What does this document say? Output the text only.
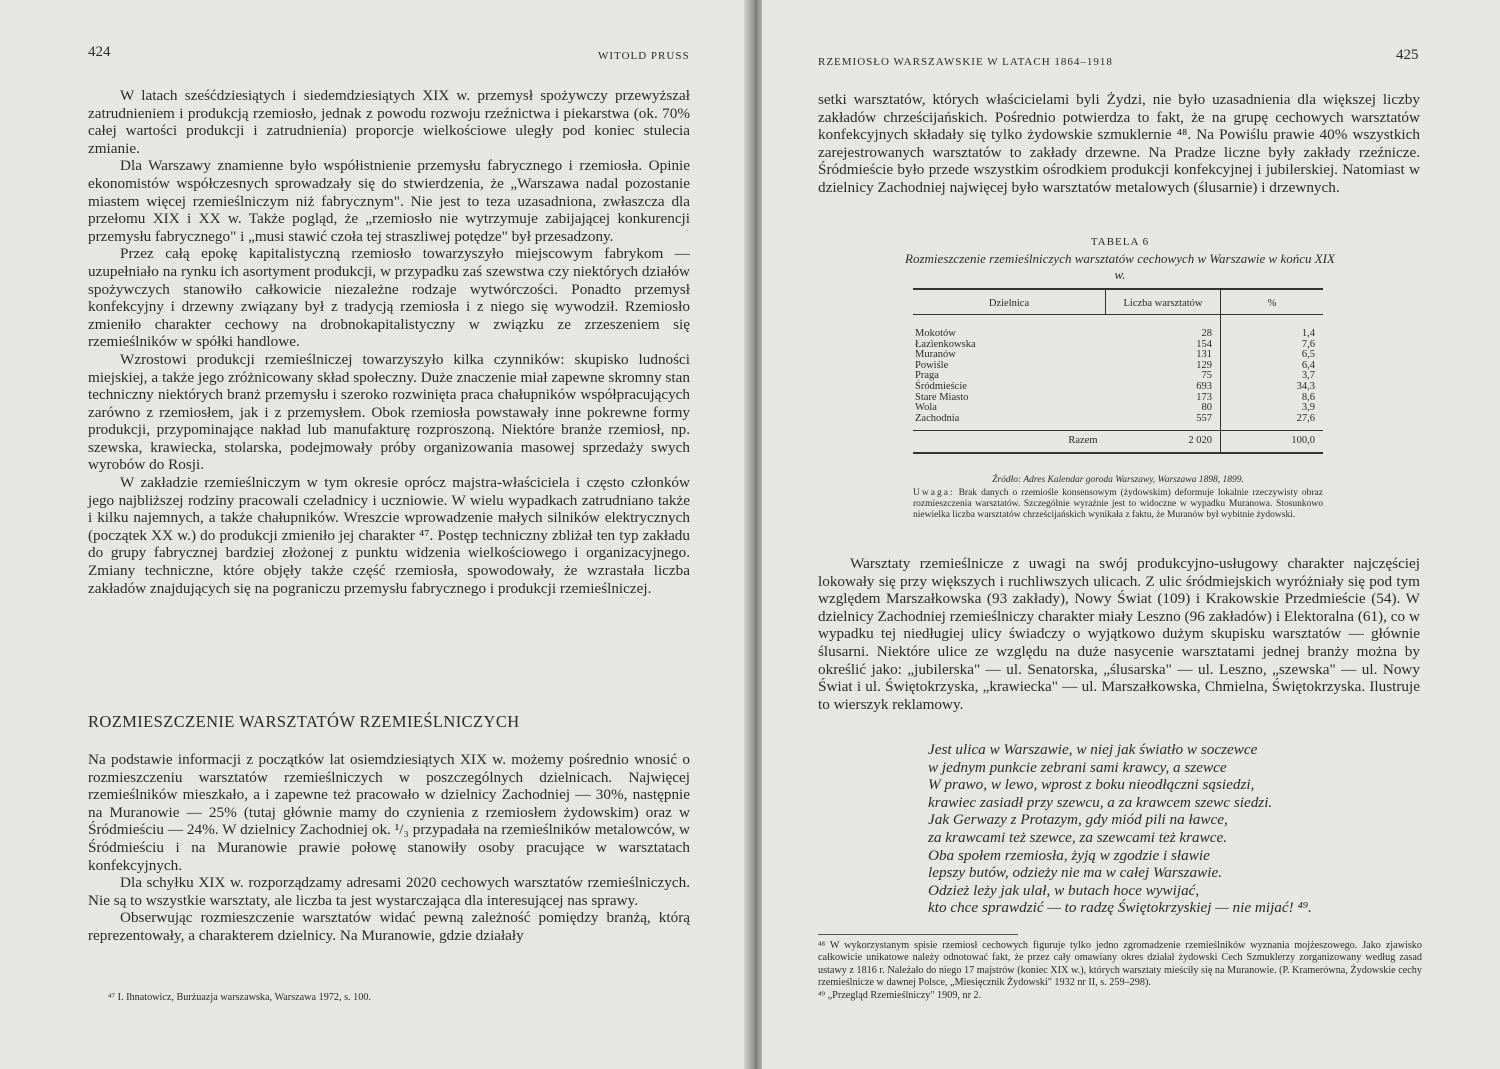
424	WITOLD PRUSS

W latach sześćdziesiątych i siedemdziesiątych XIX w. przemysł spożywczy przewyższał zatrudnieniem i produkcją rzemiosło, jednak z powodu rozwoju rzeźnictwa i piekarstwa (ok. 70% całej wartości produkcji i zatrudnienia) proporcje wielkościowe uległy pod koniec stulecia zmianie.

Dla Warszawy znamienne było współistnienie przemysłu fabrycznego i rzemiosła. Opinie ekonomistów współczesnych sprowadzały się do stwierdzenia, że „Warszawa nadal pozostanie miastem więcej rzemieślniczym niż fabrycznym". Nie jest to teza uzasadniona, zwłaszcza dla przełomu XIX i XX w. Także pogląd, że „rzemiosło nie wytrzymuje zabijającej konkurencji przemysłu fabrycznego" i „musi stawić czoła tej straszliwej potędze" był przesadzony.

Przez całą epokę kapitalistyczną rzemiosło towarzyszyło miejscowym fabrykom — uzupełniało na rynku ich asortyment produkcji, w przypadku zaś szewstwa czy niektórych działów spożywczych stanowiło całkowicie niezależne rodzaje wytwórczości. Ponadto przemysł konfekcyjny i drzewny związany był z tradycją rzemiosła i z niego się wywodził. Rzemiosło zmieniło charakter cechowy na drobnokapitalistyczny w związku ze zrzeszeniem się rzemieślników w spółki handlowe.

Wzrostowi produkcji rzemieślniczej towarzyszyło kilka czynników: skupisko ludności miejskiej, a także jego zróżnicowany skład społeczny. Duże znaczenie miał zapewne skromny stan techniczny niektórych branż przemysłu i szeroko rozwinięta praca chałupników współpracujących zarówno z rzemiosłem, jak i z przemysłem. Obok rzemiosła powstawały inne pokrewne formy produkcji, przypominające nakład lub manufakturę rozproszoną. Niektóre branże rzemiosł, np. szewska, krawiecka, stolarska, podejmowały próby organizowania masowej sprzedaży swych wyrobów do Rosji.

W zakładzie rzemieślniczym w tym okresie oprócz majstra-właściciela i często członków jego najbliższej rodziny pracowali czeladnicy i uczniowie. W wielu wypadkach zatrudniano także i kilku najemnych, a także chałupników. Wreszcie wprowadzenie małych silników elektrycznych (początek XX w.) do produkcji zmieniło jej charakter ⁴⁷. Postęp techniczny zbliżał ten typ zakładu do grupy fabrycznej bardziej złożonej z punktu widzenia wielkościowego i organizacyjnego. Zmiany techniczne, które objęły także część rzemiosła, spowodowały, że wzrastała liczba zakładów znajdujących się na pograniczu przemysłu fabrycznego i produkcji rzemieślniczej.

ROZMIESZCZENIE WARSZTATÓW RZEMIEŚLNICZYCH

Na podstawie informacji z początków lat osiemdziesiątych XIX w. możemy pośrednio wnosić o rozmieszczeniu warsztatów rzemieślniczych w poszczególnych dzielnicach. Najwięcej rzemieślników mieszkało, a i zapewne też pracowało w dzielnicy Zachodniej — 30%, następnie na Muranowie — 25% (tutaj głównie mamy do czynienia z rzemiosłem żydowskim) oraz w Śródmieściu — 24%. W dzielnicy Zachodniej ok. ¹/₃ przypadała na rzemieślników metalowców, w Śródmieściu i na Muranowie prawie połowę stanowiły osoby pracujące w warsztatach konfekcyjnych.

Dla schyłku XIX w. rozporządzamy adresami 2020 cechowych warsztatów rzemieślniczych. Nie są to wszystkie warsztaty, ale liczba ta jest wystarczająca dla interesującej nas sprawy.

Obserwując rozmieszczenie warsztatów widać pewną zależność pomiędzy branżą, którą reprezentowały, a charakterem dzielnicy. Na Muranowie, gdzie działały

⁴⁷ I. Ihnatowicz, Burżuazja warszawska, Warszawa 1972, s. 100.
RZEMIOSŁO WARSZAWSKIE W LATACH 1864–1918	425

setki warsztatów, których właścicielami byli Żydzi, nie było uzasadnienia dla większej liczby zakładów chrześcijańskich. Pośrednio potwierdza to fakt, że na grupę cechowych warsztatów konfekcyjnych składały się tylko żydowskie szmuklernie ⁴⁸. Na Powiślu prawie 40% wszystkich zarejestrowanych warsztatów to zakłady drzewne. Na Pradze liczne były zakłady rzeźnicze. Śródmieście było przede wszystkim ośrodkiem produkcji konfekcyjnej i jubilerskiej. Natomiast w dzielnicy Zachodniej najwięcej było warsztatów metalowych (ślusarnie) i drzewnych.

TABELA 6
Rozmieszczenie rzemieślniczych warsztatów cechowych w Warszawie w końcu XIX w.
Dzielnica	Liczba warsztatów	%
Mokotów	28	1,4
Łazienkowska	154	7,6
Muranów	131	6,5
Powiśle	129	6,4
Praga	75	3,7
Śródmieście	693	34,3
Stare Miasto	173	8,6
Wola	80	3,9
Zachodnia	557	27,6
Razem	2 020	100,0
Źródło: Adres Kalendar goroda Warszawy, Warszawa 1898, 1899.
Uwaga: Brak danych o rzemiośle konsensowym (żydowskim) deformuje lokalnie rzeczywisty obraz rozmieszczenia warsztatów. Szczególnie wyraźnie jest to widoczne w wypadku Muranowa. Stosunkowo niewielka liczba warsztatów chrześcijańskich wynikała z faktu, że Muranów był wybitnie żydowski.

Warsztaty rzemieślnicze z uwagi na swój produkcyjno-usługowy charakter najczęściej lokowały się przy większych i ruchliwszych ulicach. Z ulic śródmiejskich wyróżniały się pod tym względem Marszałkowska (93 zakłady), Nowy Świat (109) i Krakowskie Przedmieście (54). W dzielnicy Zachodniej rzemieślniczy charakter miały Leszno (96 zakładów) i Elektoralna (61), co w wypadku tej niedługiej ulicy świadczy o wyjątkowo dużym skupisku warsztatów — głównie ślusarni. Niektóre ulice ze względu na duże nasycenie warsztatami jednej branży można by określić jako: „jubilerska" — ul. Senatorska, „ślusarska" — ul. Leszno, „szewska" — ul. Nowy Świat i ul. Świętokrzyska, „krawiecka" — ul. Marszałkowska, Chmielna, Świętokrzyska. Ilustruje to wierszyk reklamowy.

Jest ulica w Warszawie, w niej jak światło w soczewce
w jednym punkcie zebrani sami krawcy, a szewce
W prawo, w lewo, wprost z boku nieodłączni sąsiedzi,
krawiec zasiadł przy szewcu, a za krawcem szewc siedzi.
Jak Gerwazy z Protazym, gdy miód pili na ławce,
za krawcami też szewce, za szewcami też krawce.
Oba społem rzemiosła, żyją w zgodzie i sławie
lepszy butów, odzieży nie ma w całej Warszawie.
Odzież leży jak ulał, w butach hoce wywijać,
kto chce sprawdzić — to radzę Świętokrzyskiej — nie mijać! ⁴⁹.
⁴⁸ W wykorzystanym spisie rzemiosł cechowych figuruje tylko jedno zgromadzenie rzemieślników wyznania mojżeszowego. Jako zjawisko całkowicie unikatowe należy odnotować fakt, że przez cały omawiany okres działał żydowski Cech Szmuklerzy zorganizowany według zasad ustawy z 1816 r. Należało do niego 17 majstrów (koniec XIX w.), których warsztaty mieściły się na Muranowie. (P. Kramerówna, Żydowskie cechy rzemieślnicze w dawnej Polsce, „Miesięcznik Żydowski" 1932 nr II, s. 259–298).
⁴⁹ „Przegląd Rzemieślniczy" 1909, nr 2.
